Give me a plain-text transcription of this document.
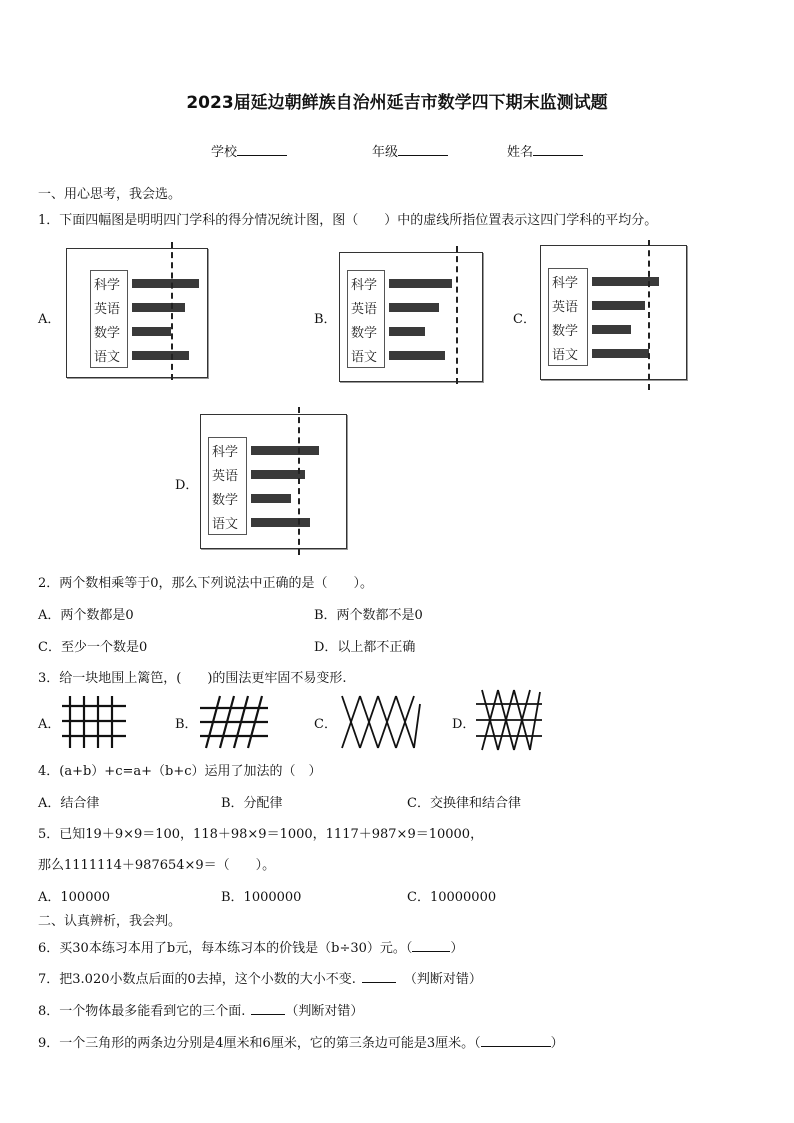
2023届延边朝鲜族自治州延吉市数学四下期末监测试题
学校	年级	姓名
一、用心思考，我会选。
1．下面四幅图是明明四门学科的得分情况统计图，图（　　）中的虚线所指位置表示这四门学科的平均分。
A．	B．	C．
D．
科学
英语
数学
语文
科学
英语
数学
语文
科学
英语
数学
语文
科学
英语
数学
语文
2．两个数相乘等于0，那么下列说法中正确的是（　　）。
A．两个数都是0	B．两个数都不是0
C．至少一个数是0	D．以上都不正确
3．给一块地围上篱笆，(　　)的围法更牢固不易变形.
A．	B．	C．	D．
4．(a+b）+c=a+（b+c）运用了加法的（　）
A．结合律	B．分配律	C．交换律和结合律
5．已知19＋9×9＝100，118＋98×9＝1000，1117＋987×9＝10000，
那么1111114＋987654×9＝（　　）。
A．100000	B．1000000	C．10000000
二、认真辨析，我会判。
6．买30本练习本用了b元，每本练习本的价钱是（b÷30）元。（	）
7．把3.020小数点后面的0去掉，这个小数的大小不变.	（判断对错）
8．一个物体最多能看到它的三个面.	（判断对错）
9．一个三角形的两条边分别是4厘米和6厘米，它的第三条边可能是3厘米。（	）
